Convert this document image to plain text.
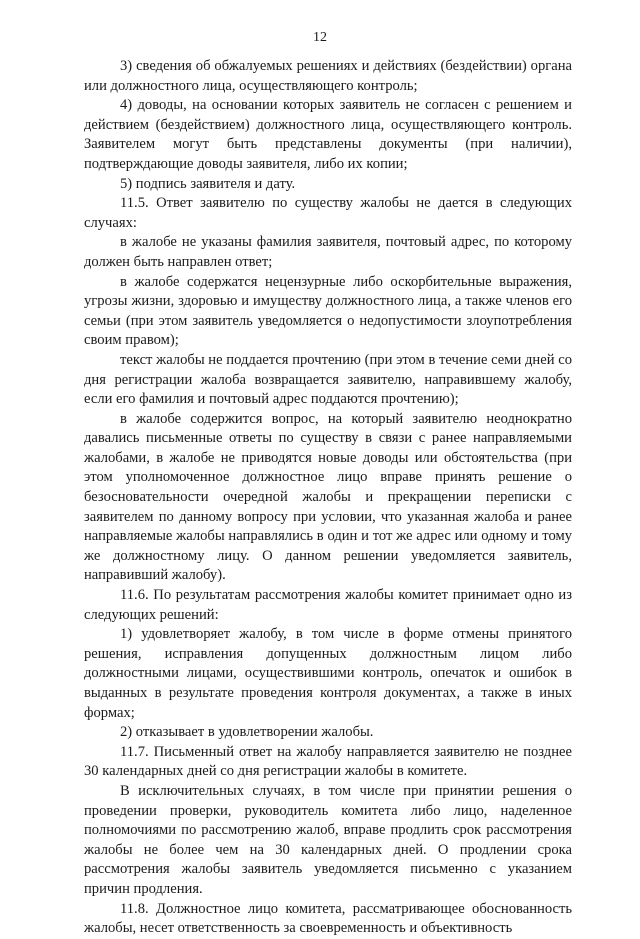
12

3) сведения об обжалуемых решениях и действиях (бездействии) органа или должностного лица, осуществляющего контроль;

4) доводы, на основании которых заявитель не согласен с решением и действием (бездействием) должностного лица, осуществляющего контроль. Заявителем могут быть представлены документы (при наличии), подтверждающие доводы заявителя, либо их копии;

5) подпись заявителя и дату.

11.5. Ответ заявителю по существу жалобы не дается в следующих случаях:

в жалобе не указаны фамилия заявителя, почтовый адрес, по которому должен быть направлен ответ;

в жалобе содержатся нецензурные либо оскорбительные выражения, угрозы жизни, здоровью и имуществу должностного лица, а также членов его семьи (при этом заявитель уведомляется о недопустимости злоупотребления своим правом);

текст жалобы не поддается прочтению (при этом в течение семи дней со дня регистрации жалоба возвращается заявителю, направившему жалобу, если его фамилия и почтовый адрес поддаются прочтению);

в жалобе содержится вопрос, на который заявителю неоднократно давались письменные ответы по существу в связи с ранее направляемыми жалобами, в жалобе не приводятся новые доводы или обстоятельства (при этом уполномоченное должностное лицо вправе принять решение о безосновательности очередной жалобы и прекращении переписки с заявителем по данному вопросу при условии, что указанная жалоба и ранее направляемые жалобы направлялись в один и тот же адрес или одному и тому же должностному лицу. О данном решении уведомляется заявитель, направивший жалобу).

11.6. По результатам рассмотрения жалобы комитет принимает одно из следующих решений:

1) удовлетворяет жалобу, в том числе в форме отмены принятого решения, исправления допущенных должностным лицом либо должностными лицами, осуществившими контроль, опечаток и ошибок в выданных в результате проведения контроля документах, а также в иных формах;

2) отказывает в удовлетворении жалобы.

11.7. Письменный ответ на жалобу направляется заявителю не позднее 30 календарных дней со дня регистрации жалобы в комитете.

В исключительных случаях, в том числе при принятии решения о проведении проверки, руководитель комитета либо лицо, наделенное полномочиями по рассмотрению жалоб, вправе продлить срок рассмотрения жалобы не более чем на 30 календарных дней. О продлении срока рассмотрения жалобы заявитель уведомляется письменно с указанием причин продления.

11.8. Должностное лицо комитета, рассматривающее обоснованность жалобы, несет ответственность за своевременность и объективность
